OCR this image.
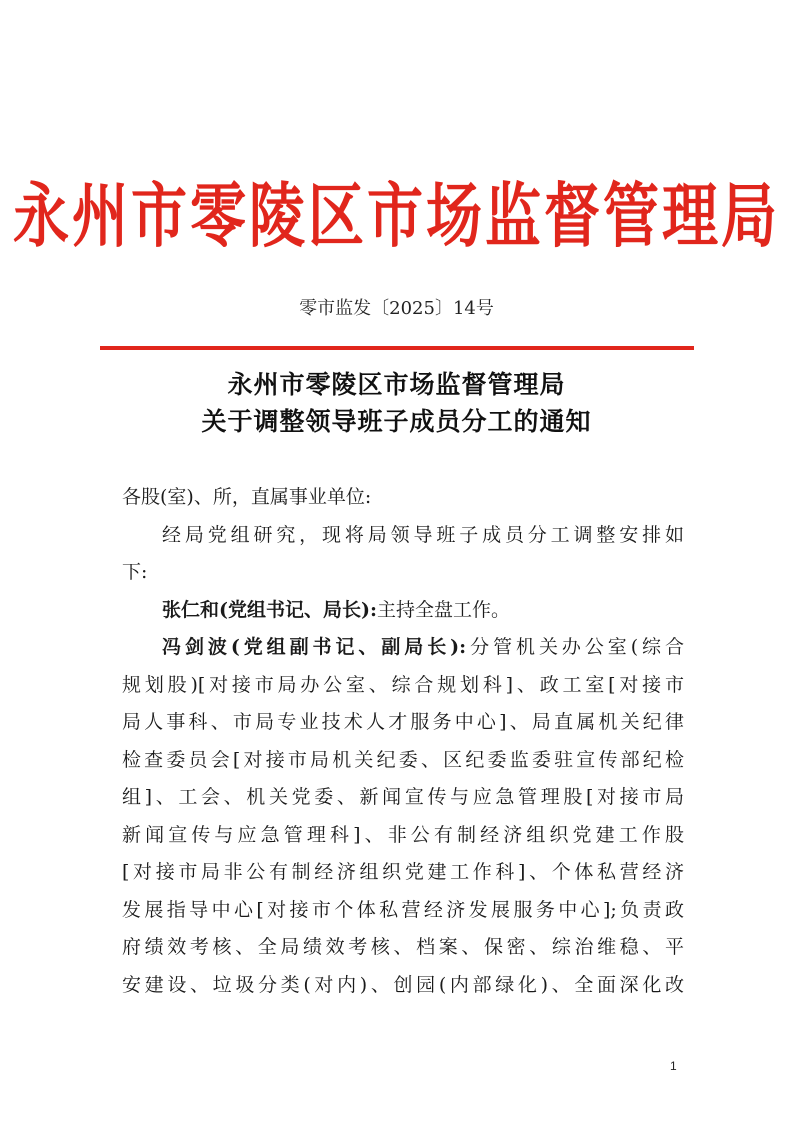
永州市零陵区市场监督管理局
零市监发〔2025〕14号
永州市零陵区市场监督管理局
关于调整领导班子成员分工的通知
各股(室)、所，直属事业单位:
经局党组研究，现将局领导班子成员分工调整安排如
下:
张仁和(党组书记、局长):主持全盘工作。
冯剑波(党组副书记、副局长):分管机关办公室(综合
规划股)[对接市局办公室、综合规划科]、政工室[对接市
局人事科、市局专业技术人才服务中心]、局直属机关纪律
检查委员会[对接市局机关纪委、区纪委监委驻宣传部纪检
组]、工会、机关党委、新闻宣传与应急管理股[对接市局
新闻宣传与应急管理科]、非公有制经济组织党建工作股
[对接市局非公有制经济组织党建工作科]、个体私营经济
发展指导中心[对接市个体私营经济发展服务中心];负责政
府绩效考核、全局绩效考核、档案、保密、综治维稳、平
安建设、垃圾分类(对内)、创园(内部绿化)、全面深化改
1
